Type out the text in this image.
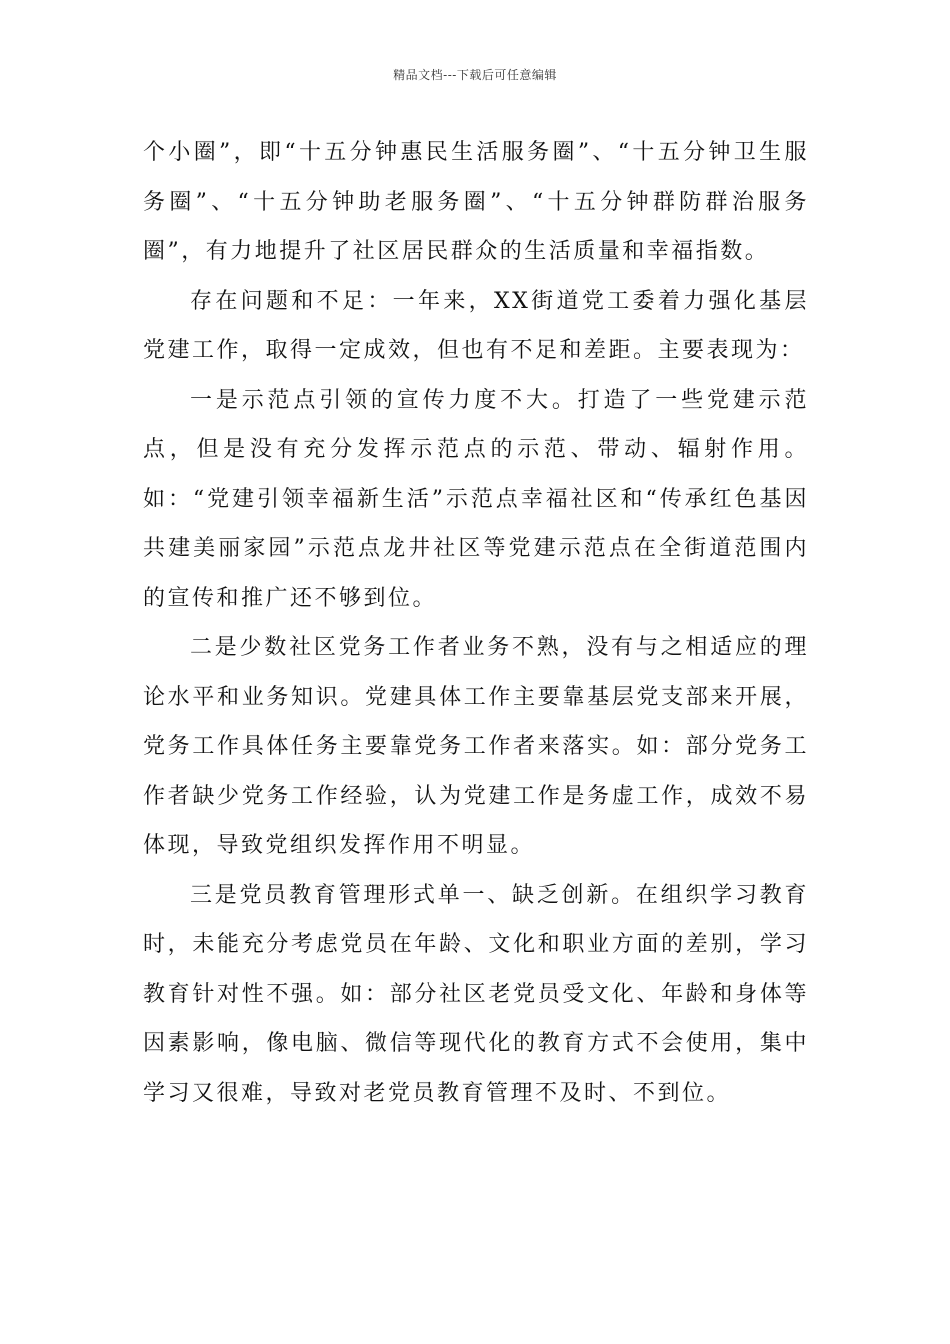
精品文档---下载后可任意编辑

个小圈”，即“十五分钟惠民生活服务圈”、“十五分钟卫生服务圈”、“十五分钟助老服务圈”、“十五分钟群防群治服务圈”，有力地提升了社区居民群众的生活质量和幸福指数。

存在问题和不足：一年来，XX街道党工委着力强化基层党建工作，取得一定成效，但也有不足和差距。主要表现为：

一是示范点引领的宣传力度不大。打造了一些党建示范点，但是没有充分发挥示范点的示范、带动、辐射作用。如：“党建引领幸福新生活”示范点幸福社区和“传承红色基因共建美丽家园”示范点龙井社区等党建示范点在全街道范围内的宣传和推广还不够到位。

二是少数社区党务工作者业务不熟，没有与之相适应的理论水平和业务知识。党建具体工作主要靠基层党支部来开展，党务工作具体任务主要靠党务工作者来落实。如：部分党务工作者缺少党务工作经验，认为党建工作是务虚工作，成效不易体现，导致党组织发挥作用不明显。

三是党员教育管理形式单一、缺乏创新。在组织学习教育时，未能充分考虑党员在年龄、文化和职业方面的差别，学习教育针对性不强。如：部分社区老党员受文化、年龄和身体等因素影响，像电脑、微信等现代化的教育方式不会使用，集中学习又很难，导致对老党员教育管理不及时、不到位。
